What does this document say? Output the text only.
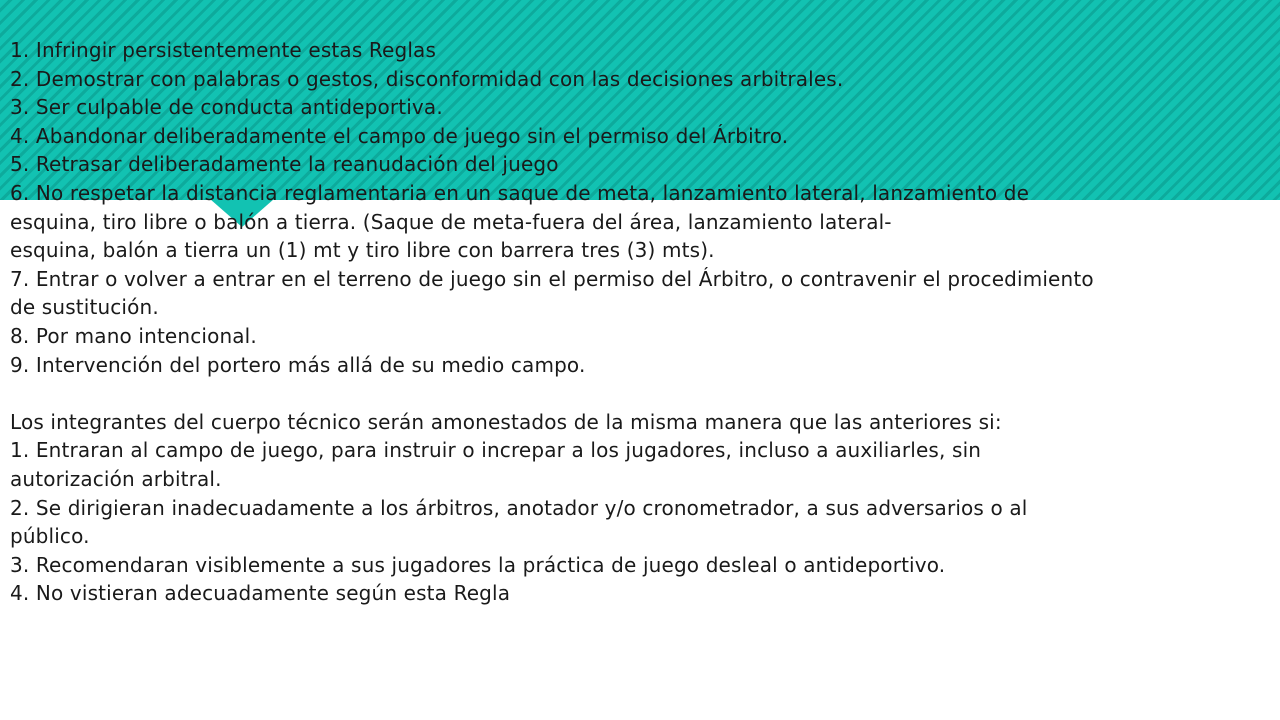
1. Infringir persistentemente estas Reglas
2. Demostrar con palabras o gestos, disconformidad con las decisiones arbitrales.
3. Ser culpable de conducta antideportiva.
4. Abandonar deliberadamente el campo de juego sin el permiso del Árbitro.
5. Retrasar deliberadamente la reanudación del juego
6. No respetar la distancia reglamentaria en un saque de meta, lanzamiento lateral, lanzamiento de
esquina, tiro libre o balón a tierra. (Saque de meta-fuera del área, lanzamiento lateral-
esquina, balón a tierra un (1) mt y tiro libre con barrera tres (3) mts).
7. Entrar o volver a entrar en el terreno de juego sin el permiso del Árbitro, o contravenir el procedimiento
de sustitución.
8. Por mano intencional.
9. Intervención del portero más allá de su medio campo.
Los integrantes del cuerpo técnico serán amonestados de la misma manera que las anteriores si:
1. Entraran al campo de juego, para instruir o increpar a los jugadores, incluso a auxiliarles, sin
autorización arbitral.
2. Se dirigieran inadecuadamente a los árbitros, anotador y/o cronometrador, a sus adversarios o al
público.
3. Recomendaran visiblemente a sus jugadores la práctica de juego desleal o antideportivo.
4. No vistieran adecuadamente según esta Regla
